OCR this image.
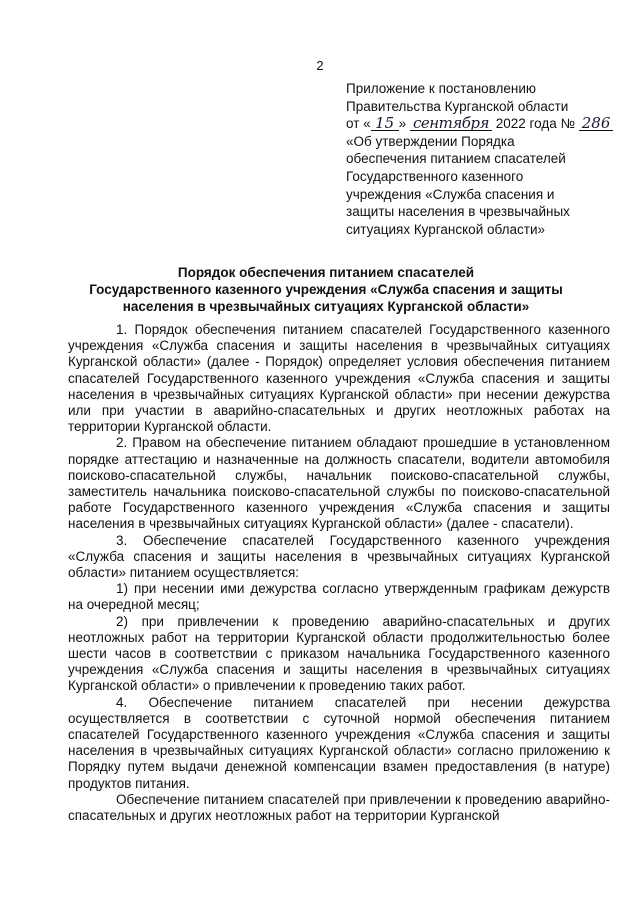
2
Приложение к постановлению
Правительства Курганской области
от « 15 » сентября 2022 года № 286
«Об утверждении Порядка
обеспечения питанием спасателей
Государственного казенного
учреждения «Служба спасения и
защиты населения в чрезвычайных
ситуациях Курганской области»
Порядок обеспечения питанием спасателей
Государственного казенного учреждения «Служба спасения и защиты
населения в чрезвычайных ситуациях Курганской области»

1. Порядок обеспечения питанием спасателей Государственного казенного учреждения «Служба спасения и защиты населения в чрезвычайных ситуациях Курганской области» (далее - Порядок) определяет условия обеспечения питанием спасателей Государственного казенного учреждения «Служба спасения и защиты населения в чрезвычайных ситуациях Курганской области» при несении дежурства или при участии в аварийно-спасательных и других неотложных работах на территории Курганской области.

2. Правом на обеспечение питанием обладают прошедшие в установленном порядке аттестацию и назначенные на должность спасатели, водители автомобиля поисково-спасательной службы, начальник поисково-спасательной службы, заместитель начальника поисково-спасательной службы по поисково-спасательной работе Государственного казенного учреждения «Служба спасения и защиты населения в чрезвычайных ситуациях Курганской области» (далее - спасатели).

3. Обеспечение спасателей Государственного казенного учреждения «Служба спасения и защиты населения в чрезвычайных ситуациях Курганской области» питанием осуществляется:

1) при несении ими дежурства согласно утвержденным графикам дежурств на очередной месяц;

2) при привлечении к проведению аварийно-спасательных и других неотложных работ на территории Курганской области продолжительностью более шести часов в соответствии с приказом начальника Государственного казенного учреждения «Служба спасения и защиты населения в чрезвычайных ситуациях Курганской области» о привлечении к проведению таких работ.

4. Обеспечение питанием спасателей при несении дежурства осуществляется в соответствии с суточной нормой обеспечения питанием спасателей Государственного казенного учреждения «Служба спасения и защиты населения в чрезвычайных ситуациях Курганской области» согласно приложению к Порядку путем выдачи денежной компенсации взамен предоставления (в натуре) продуктов питания.

Обеспечение питанием спасателей при привлечении к проведению аварийно-спасательных и других неотложных работ на территории Курганской
